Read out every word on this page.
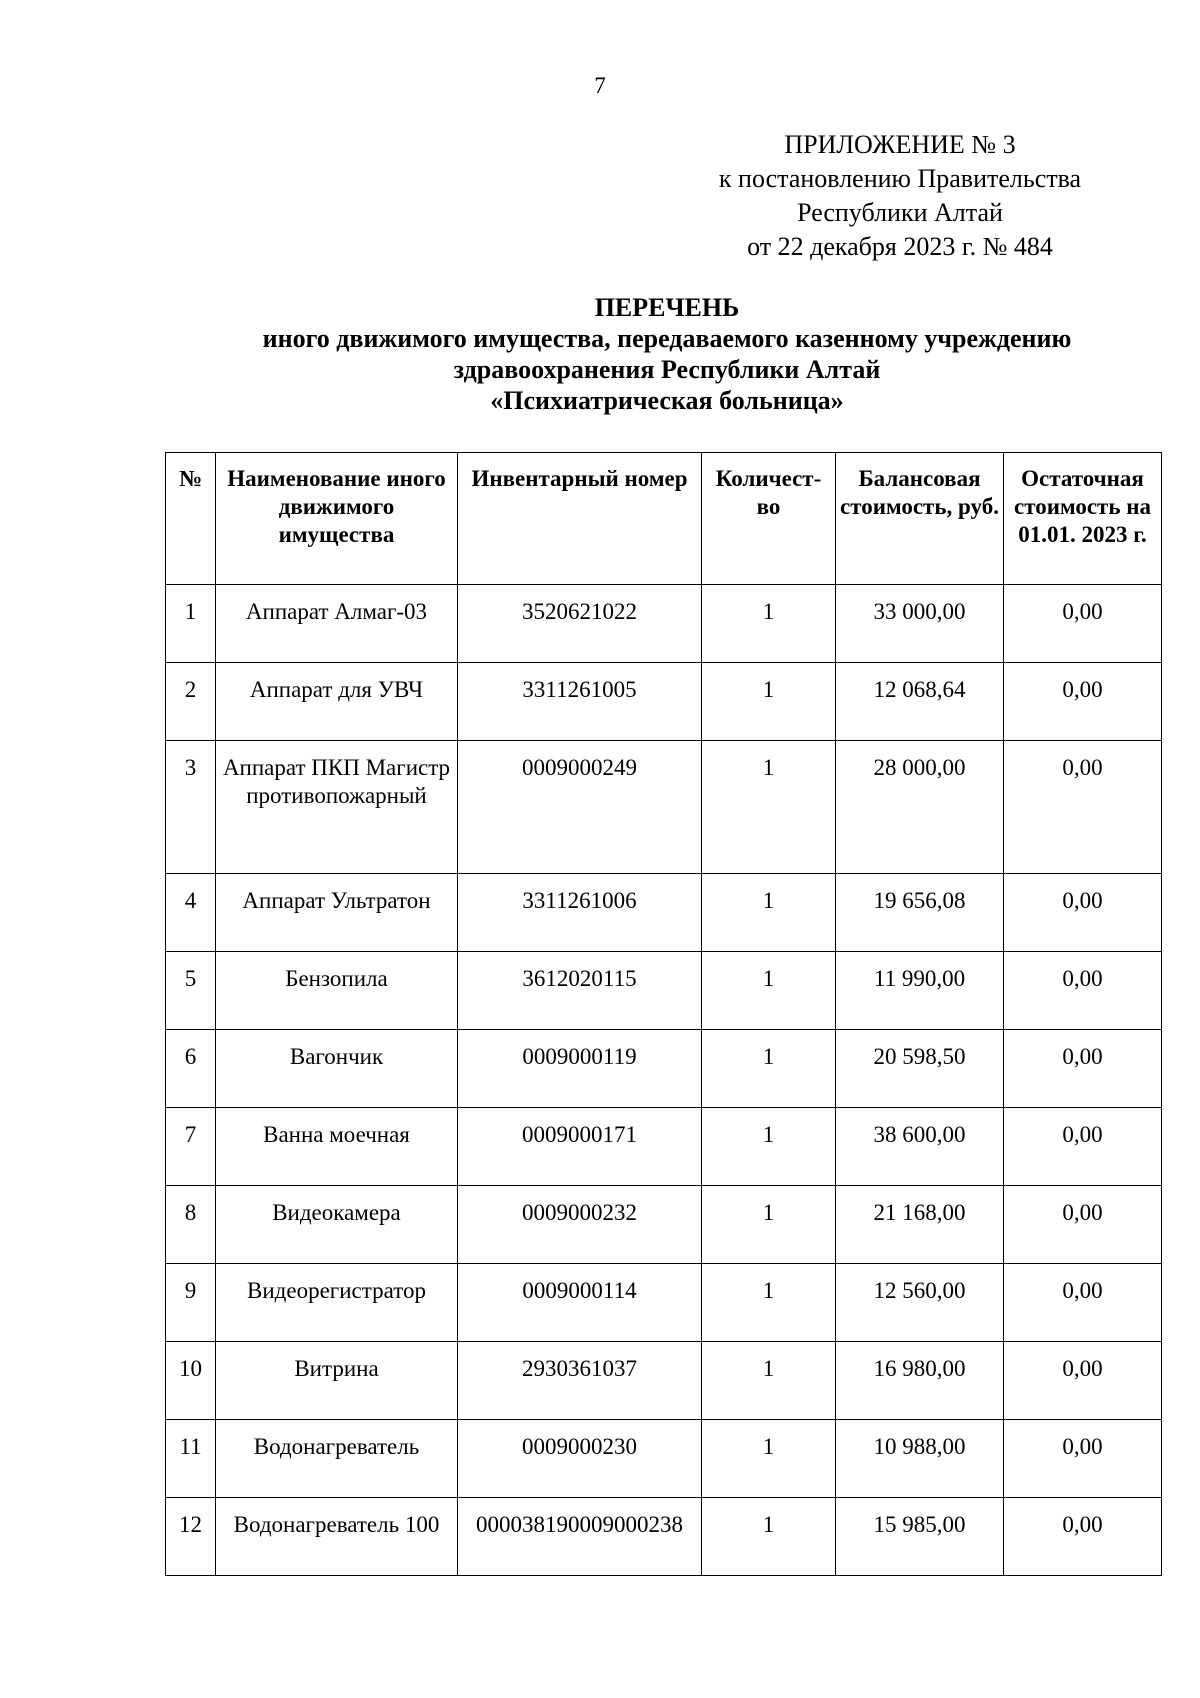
7
ПРИЛОЖЕНИЕ № 3
к постановлению Правительства
Республики Алтай
от 22 декабря 2023 г. № 484
ПЕРЕЧЕНЬ
иного движимого имущества, передаваемого казенному учреждению
здравоохранения Республики Алтай
«Психиатрическая больница»
№	Наименование иного движимого имущества	Инвентарный номер	Количест-во	Балансовая стоимость, руб.	Остаточная стоимость на 01.01. 2023 г.
1	Аппарат Алмаг-03	3520621022	1	33 000,00	0,00
2	Аппарат для УВЧ	3311261005	1	12 068,64	0,00
3	Аппарат ПКП Магистр противопожарный	0009000249	1	28 000,00	0,00
4	Аппарат Ультратон	3311261006	1	19 656,08	0,00
5	Бензопила	3612020115	1	11 990,00	0,00
6	Вагончик	0009000119	1	20 598,50	0,00
7	Ванна моечная	0009000171	1	38 600,00	0,00
8	Видеокамера	0009000232	1	21 168,00	0,00
9	Видеорегистратор	0009000114	1	12 560,00	0,00
10	Витрина	2930361037	1	16 980,00	0,00
11	Водонагреватель	0009000230	1	10 988,00	0,00
12	Водонагреватель 100	000038190009000238	1	15 985,00	0,00
